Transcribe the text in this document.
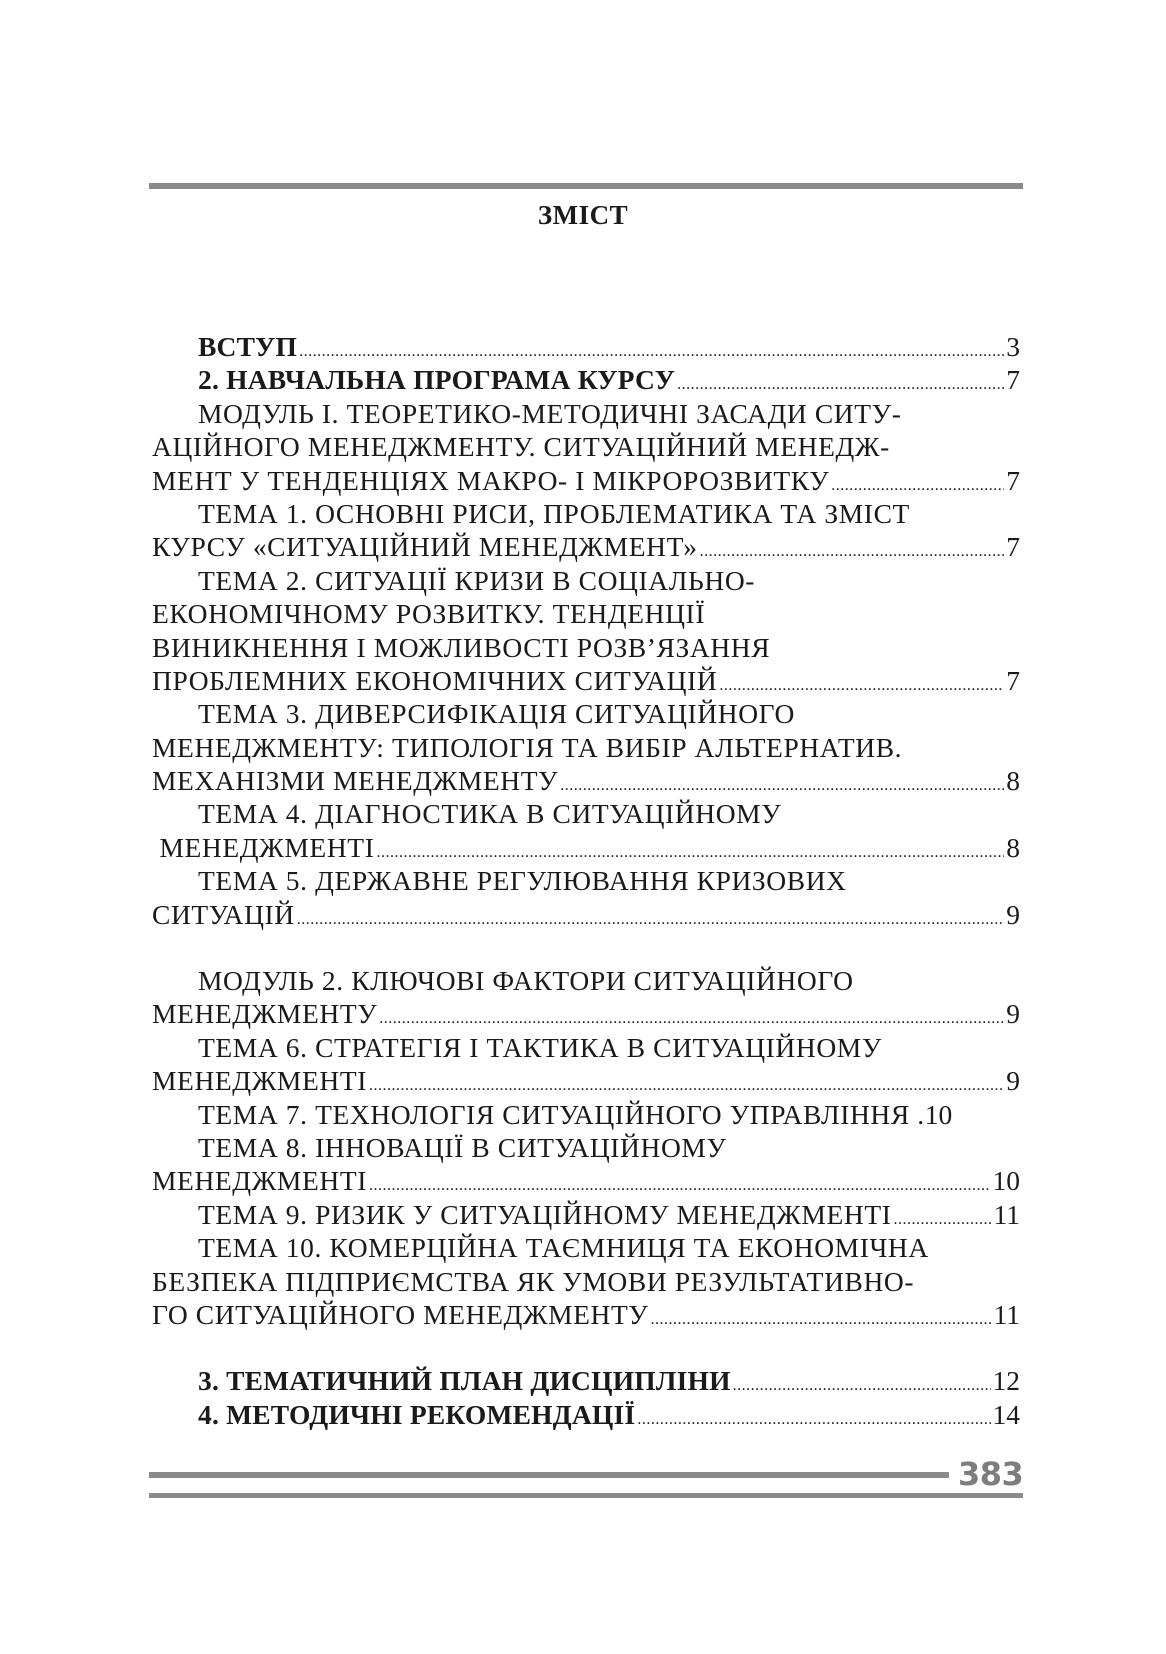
ЗМІСТ
ВСТУП .....	3
2. НАВЧАЛЬНА ПРОГРАМА КУРСУ .....	7
МОДУЛЬ І. ТЕОРЕТИКО-МЕТОДИЧНІ ЗАСАДИ СИТУ-
АЦІЙНОГО МЕНЕДЖМЕНТУ. СИТУАЦІЙНИЙ МЕНЕДЖ-
МЕНТ У ТЕНДЕНЦІЯХ МАКРО- І МІКРОРОЗВИТКУ .....	7
ТЕМА 1. ОСНОВНІ РИСИ, ПРОБЛЕМАТИКА ТА ЗМІСТ
КУРСУ «СИТУАЦІЙНИЙ МЕНЕДЖМЕНТ» .....	7
ТЕМА 2. СИТУАЦІЇ КРИЗИ В СОЦІАЛЬНО-
ЕКОНОМІЧНОМУ РОЗВИТКУ. ТЕНДЕНЦІЇ
ВИНИКНЕННЯ І МОЖЛИВОСТІ РОЗВ’ЯЗАННЯ
ПРОБЛЕМНИХ ЕКОНОМІЧНИХ СИТУАЦІЙ .....	7
ТЕМА 3. ДИВЕРСИФІКАЦІЯ СИТУАЦІЙНОГО
МЕНЕДЖМЕНТУ: ТИПОЛОГІЯ ТА ВИБІР АЛЬТЕРНАТИВ.
МЕХАНІЗМИ МЕНЕДЖМЕНТУ .....	8
ТЕМА 4. ДІАГНОСТИКА В СИТУАЦІЙНОМУ
МЕНЕДЖМЕНТІ .....	8
ТЕМА 5. ДЕРЖАВНЕ РЕГУЛЮВАННЯ КРИЗОВИХ
СИТУАЦІЙ .....	9
МОДУЛЬ 2. КЛЮЧОВІ ФАКТОРИ СИТУАЦІЙНОГО
МЕНЕДЖМЕНТУ .....	9
ТЕМА 6. СТРАТЕГІЯ І ТАКТИКА В СИТУАЦІЙНОМУ
МЕНЕДЖМЕНТІ .....	9
ТЕМА 7. ТЕХНОЛОГІЯ СИТУАЦІЙНОГО УПРАВЛІННЯ . 10
ТЕМА 8. ІННОВАЦІЇ В СИТУАЦІЙНОМУ
МЕНЕДЖМЕНТІ .....	10
ТЕМА 9. РИЗИК У СИТУАЦІЙНОМУ МЕНЕДЖМЕНТІ .....	11
ТЕМА 10. КОМЕРЦІЙНА ТАЄМНИЦЯ ТА ЕКОНОМІЧНА
БЕЗПЕКА ПІДПРИЄМСТВА ЯК УМОВИ РЕЗУЛЬТАТИВНО-
ГО СИТУАЦІЙНОГО МЕНЕДЖМЕНТУ .....	11
3. ТЕМАТИЧНИЙ ПЛАН ДИСЦИПЛІНИ .....	12
4. МЕТОДИЧНІ РЕКОМЕНДАЦІЇ .....	14
383
